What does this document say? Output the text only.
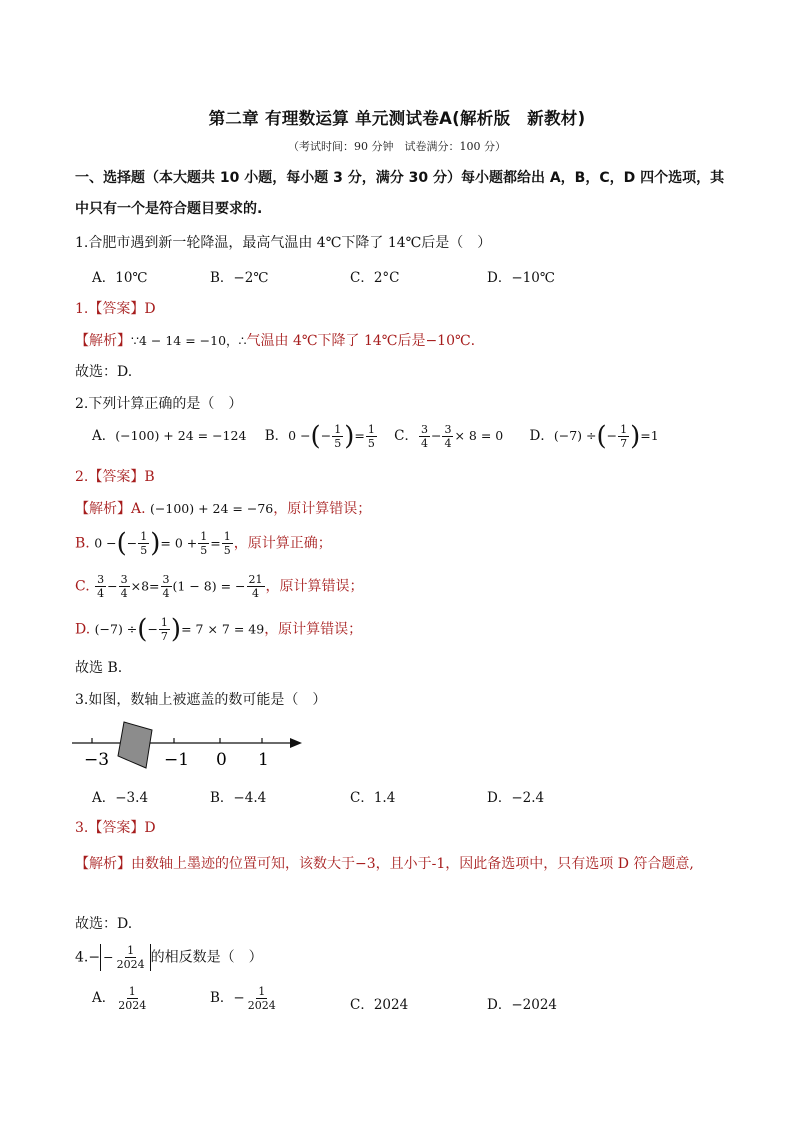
第二章 有理数运算 单元测试卷A(解析版　新教材)
（考试时间：90 分钟　试卷满分：100 分）
一、选择题（本大题共 10 小题，每小题 3 分，满分 30 分）每小题都给出 A，B，C，D 四个选项，其中只有一个是符合题目要求的.
1.合肥市遇到新一轮降温，最高气温由 4℃下降了 14℃后是（　）
A．10℃	B．−2℃	C．2°C	D．−10℃
1.【答案】D
【解析】∵4 − 14 = −10，∴气温由 4℃下降了 14℃后是−10℃.
故选：D.
2.下列计算正确的是（　）
A．(−100) + 24 = −124 B．0 −(− $\frac{1}{5}$ )= $\frac{1}{5}$ C． $\frac{3}{4} - \frac{3}{4} \times 8 = 0$ D．(−7) ÷(− $\frac{1}{7} )=1$
2.【答案】B
【解析】A. (−100) + 24 = −76，原计算错误；
B. 0 −(− $\frac{1}{5}$ )= $0 + \frac{1}{5} = \frac{1}{5}$ ，原计算正确；
C. $\frac{3}{4} - \frac{3}{4} \times 8= \frac{3}{4} (1 - 8)$ = − $\frac{21}{4}$ ，原计算错误；
D. (−7) ÷(− $\frac{1}{7}$ )= 7 × 7 = 49，原计算错误；
故选 B.
3.如图，数轴上被遮盖的数可能是（　）
−3	−1 0 1
A．−3.4	B．−4.4	C．1.4	D．−2.4
3.【答案】D
【解析】由数轴上墨迹的位置可知，该数大于−3，且小于-1，因此备选项中，只有选项 D 符合题意,
故选：D.
$4.- - \frac{1}{2024}$ 的相反数是（　）
A． $\frac{1}{2024}$	B．− $\frac{1}{2024}$	C．2024	D．−2024
